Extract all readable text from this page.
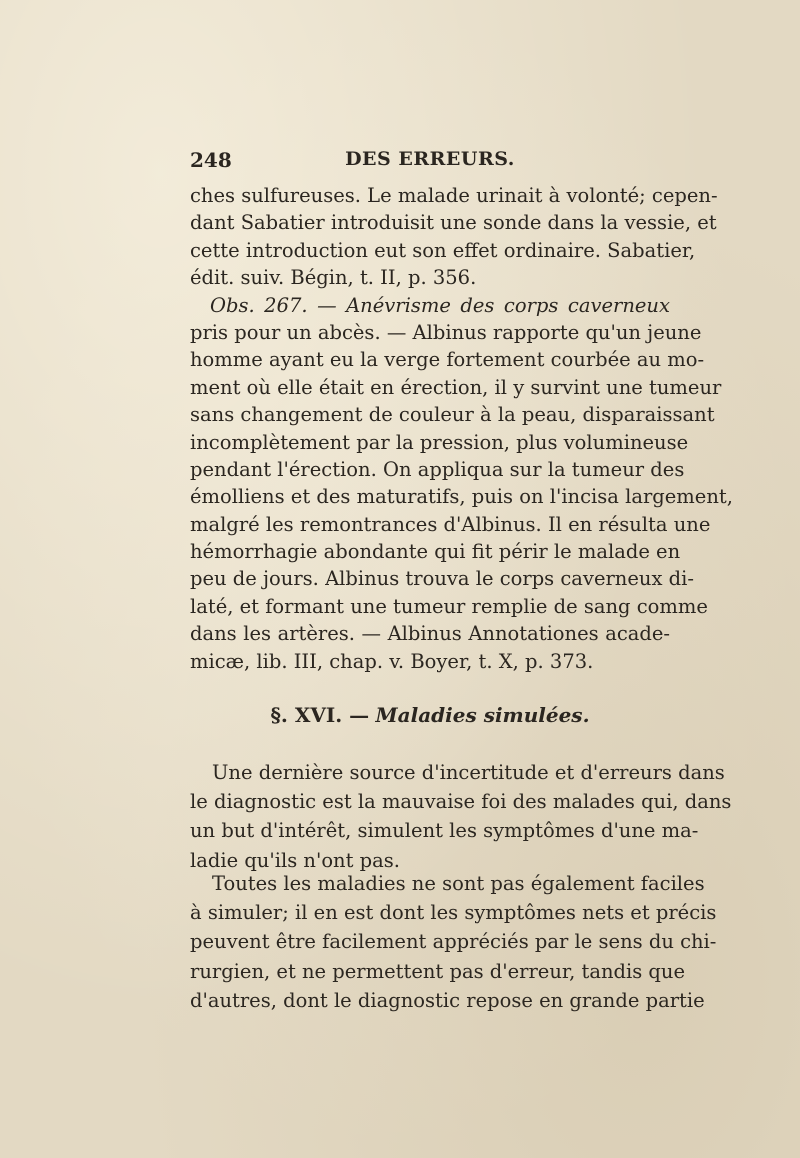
248	DES ERREURS.
ches sulfureuses. Le malade urinait à volonté; cepen-
dant Sabatier introduisit une sonde dans la vessie, et
cette introduction eut son effet ordinaire. Sabatier,
édit. suiv. Bégin, t. II, p. 356.
Obs. 267. — Anévrisme des corps caverneux
pris pour un abcès. — Albinus rapporte qu'un jeune
homme ayant eu la verge fortement courbée au mo-
ment où elle était en érection, il y survint une tumeur
sans changement de couleur à la peau, disparaissant
incomplètement par la pression, plus volumineuse
pendant l'érection. On appliqua sur la tumeur des
émolliens et des maturatifs, puis on l'incisa largement,
malgré les remontrances d'Albinus. Il en résulta une
hémorrhagie abondante qui fit périr le malade en
peu de jours. Albinus trouva le corps caverneux di-
laté, et formant une tumeur remplie de sang comme
dans les artères. — Albinus Annotationes acade-
micæ, lib. III, chap. v. Boyer, t. X, p. 373.
§. XVI. — Maladies simulées.
Une dernière source d'incertitude et d'erreurs dans
le diagnostic est la mauvaise foi des malades qui, dans
un but d'intérêt, simulent les symptômes d'une ma-
ladie qu'ils n'ont pas.
Toutes les maladies ne sont pas également faciles
à simuler; il en est dont les symptômes nets et précis
peuvent être facilement appréciés par le sens du chi-
rurgien, et ne permettent pas d'erreur, tandis que
d'autres, dont le diagnostic repose en grande partie
